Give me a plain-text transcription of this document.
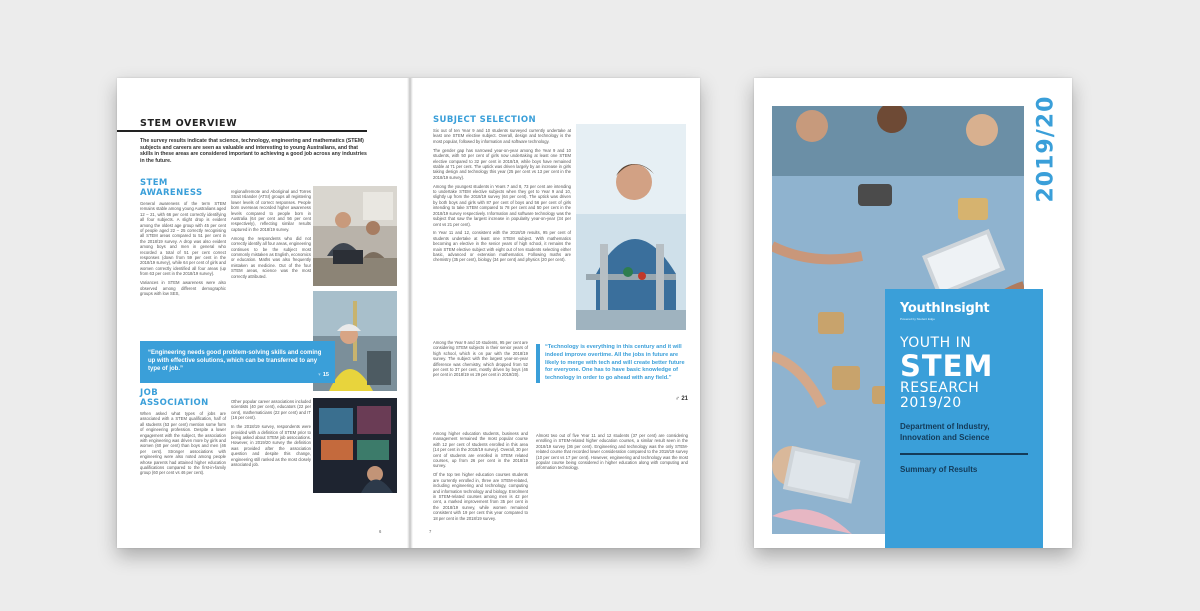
STEM OVERVIEW
The survey results indicate that science, technology, engineering and mathematics (STEM) subjects and careers are seen as valuable and interesting to young Australians, and that skills in these areas are considered important to achieving a good job across any industries in the future.
STEM AWARENESS

General awareness of the term STEM remains stable among young Australians aged 12 – 21, with 66 per cent correctly identifying all four subjects. A slight drop is evident among the oldest age group with 45 per cent of people aged 22 – 25 correctly recognising all STEM areas compared to 51 per cent in the 2018/19 survey. A drop was also evident among boys and men in general who recorded a total of 51 per cent correct responses (down from 59 per cent in the 2018/19 survey), while 64 per cent of girls and women correctly identified all four areas (up from 63 per cent in the 2018/19 survey).

Variances in STEM awareness were also observed among different demographic groups with low SES,

regional/remote and Aboriginal and Torres Strait Islander (ATSI) groups all registering lower levels of correct responses. People born overseas recorded higher awareness levels compared to people born in Australia (64 per cent and 56 per cent respectively), reflecting similar results captured in the 2018/19 survey.

Among the respondents who did not correctly identify all four areas, engineering continues to be the subject most commonly mistaken as English, economics or education. Maths was also frequently mistaken as medicine. Out of the four STEM areas, science was the most correctly attributed.

“Engineering needs good problem-solving skills and coming up with effective solutions, which can be transferred to any type of job.”
♀ 15
JOB ASSOCIATION

When asked what types of jobs are associated with a STEM qualification, half of all students (53 per cent) mention some form of engineering profession. Despite a lower engagement with the subject, the association with engineering was driven more by girls and women (60 per cent) than boys and men (46 per cent). Stronger associations with engineering were also noted among people whose parents had attained higher education qualifications compared to the first-in-family group (60 per cent vs 46 per cent).

Other popular career associations included scientists (40 per cent), educators (22 per cent), mathematicians (22 per cent) and IT (16 per cent).

In the 2018/19 survey, respondents were provided with a definition of STEM prior to being asked about STEM job associations. However, in 2019/20 survey the definition was provided after the association question and despite this change, engineering still ranked as the most closely associated job.

6
SUBJECT SELECTION

Six out of ten Year 9 and 10 students surveyed currently undertake at least one STEM elective subject. Overall, design and technology is the most popular, followed by information and software technology.

The gender gap has narrowed year-on-year among the Year 9 and 10 students, with 50 per cent of girls now undertaking at least one STEM elective compared to 32 per cent in 2018/19, while boys have remained stable at 71 per cent. The uptick was driven largely by an increase in girls taking design and technology this year (25 per cent vs 13 per cent in the 2018/19 survey).

Among the youngest students in Years 7 and 8, 73 per cent are intending to undertake STEM elective subjects when they get to Year 9 and 10, slightly up from the 2018/19 survey (64 per cent). The uptick was driven by both boys and girls with 87 per cent of boys and 56 per cent of girls intending to take STEM compared to 78 per cent and 50 per cent in the 2018/19 survey respectively. Information and software technology was the subject that saw the largest increase in popularity year-on-year (34 per cent vs 21 per cent).

In Year 11 and 12, consistent with the 2018/19 results, 95 per cent of students undertake at least one STEM subject. With mathematics becoming an elective in the senior years of high school, it remains the main STEM elective subject with eight out of ten students selecting either basic, advanced or extension mathematics. Following maths are chemistry (35 per cent), biology (34 per cent) and physics (20 per cent).

Among the Year 9 and 10 students, 95 per cent are considering STEM subjects in their senior years of high school, which is on par with the 2018/19 survey. The subject with the largest year-on-year difference was chemistry, which dropped from 52 per cent to 37 per cent, mostly driven by boys (46 per cent in 2018/19 vs 29 per cent in 2019/20).

Among higher education students, business and management remained the most popular course with 12 per cent of students enrolled in this area (14 per cent in the 2018/19 survey). Overall, 30 per cent of students are enrolled in STEM related courses, up from 26 per cent in the 2018/19 survey.

Of the top ten higher education courses students are currently enrolled in, three are STEM-related, including engineering and technology, computing and information technology and biology. Enrolment in STEM-related courses among men is 42 per cent, a marked improvement from 35 per cent in the 2018/19 survey, while women remained consistent with 19 per cent this year compared to 18 per cent in the 2018/19 survey.

“Technology is everything in this century and it will indeed improve overtime. All the jobs in future are likely to merge with tech and will create better future for everyone. One has to have basic knowledge of technology in order to go ahead with any field.”
♂ 21

Almost two out of five Year 11 and 12 students (37 per cent) are considering enrolling in STEM-related higher education courses, a similar result seen in the 2018/19 survey (36 per cent). Engineering and technology was the only STEM-related course that recorded lower consideration compared to the 2018/19 survey (10 per cent vs 17 per cent). However, engineering and technology was the most popular course being considered in higher education along with computing and information technology.

7
2019/20
YouthInsight
Powered by Student Edge
YOUTH IN
STEM
RESEARCH
2019/20
Department of Industry, Innovation and Science
Summary of Results
